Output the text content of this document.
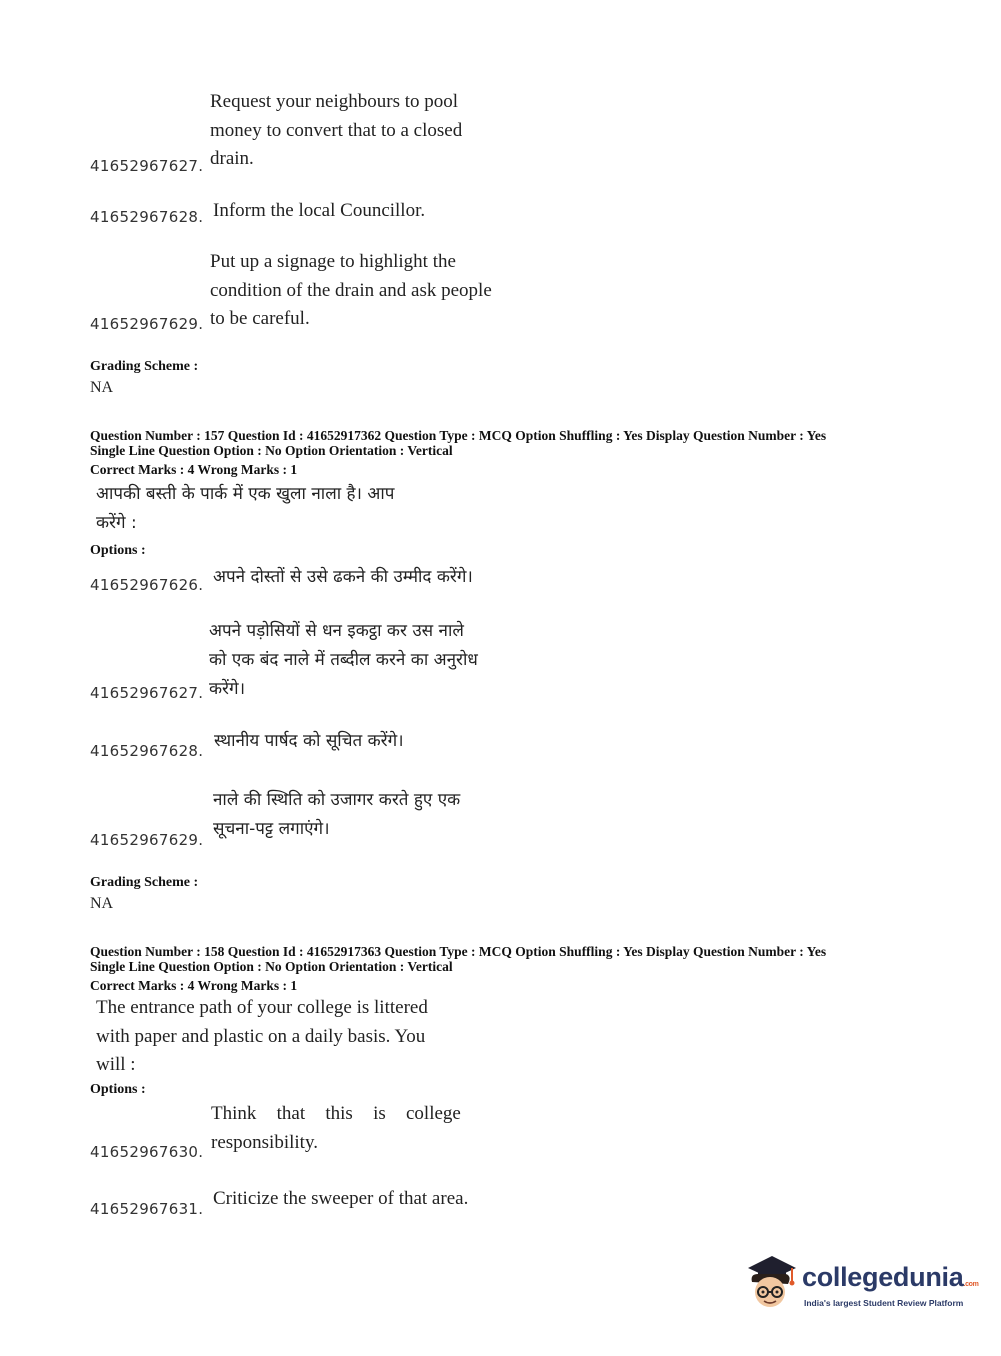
Request your neighbours to pool
money to convert that to a closed
drain.
41652967627.
Inform the local Councillor.
41652967628.
Put up a signage to highlight the
condition of the drain and ask people
to be careful.
41652967629.
Grading Scheme :
NA
Question Number : 157 Question Id : 41652917362 Question Type : MCQ Option Shuffling : Yes Display Question Number : Yes
Single Line Question Option : No Option Orientation : Vertical
Correct Marks : 4 Wrong Marks : 1
आपकी बस्ती के पार्क में एक खुला नाला है। आप
करेंगे :
Options :
अपने दोस्तों से उसे ढकने की उम्मीद करेंगे।
41652967626.
अपने पड़ोसियों से धन इकट्ठा कर उस नाले
को एक बंद नाले में तब्दील करने का अनुरोध
करेंगे।
41652967627.
स्थानीय पार्षद को सूचित करेंगे।
41652967628.
नाले की स्थिति को उजागर करते हुए एक
सूचना-पट्ट लगाएंगे।
41652967629.
Grading Scheme :
NA
Question Number : 158 Question Id : 41652917363 Question Type : MCQ Option Shuffling : Yes Display Question Number : Yes
Single Line Question Option : No Option Orientation : Vertical
Correct Marks : 4 Wrong Marks : 1
The entrance path of your college is littered
with paper and plastic on a daily basis. You
will :
Options :
Think   that   this   is   college
responsibility.
41652967630.
Criticize the sweeper of that area.
41652967631.
collegedunia.com
India's largest Student Review Platform
